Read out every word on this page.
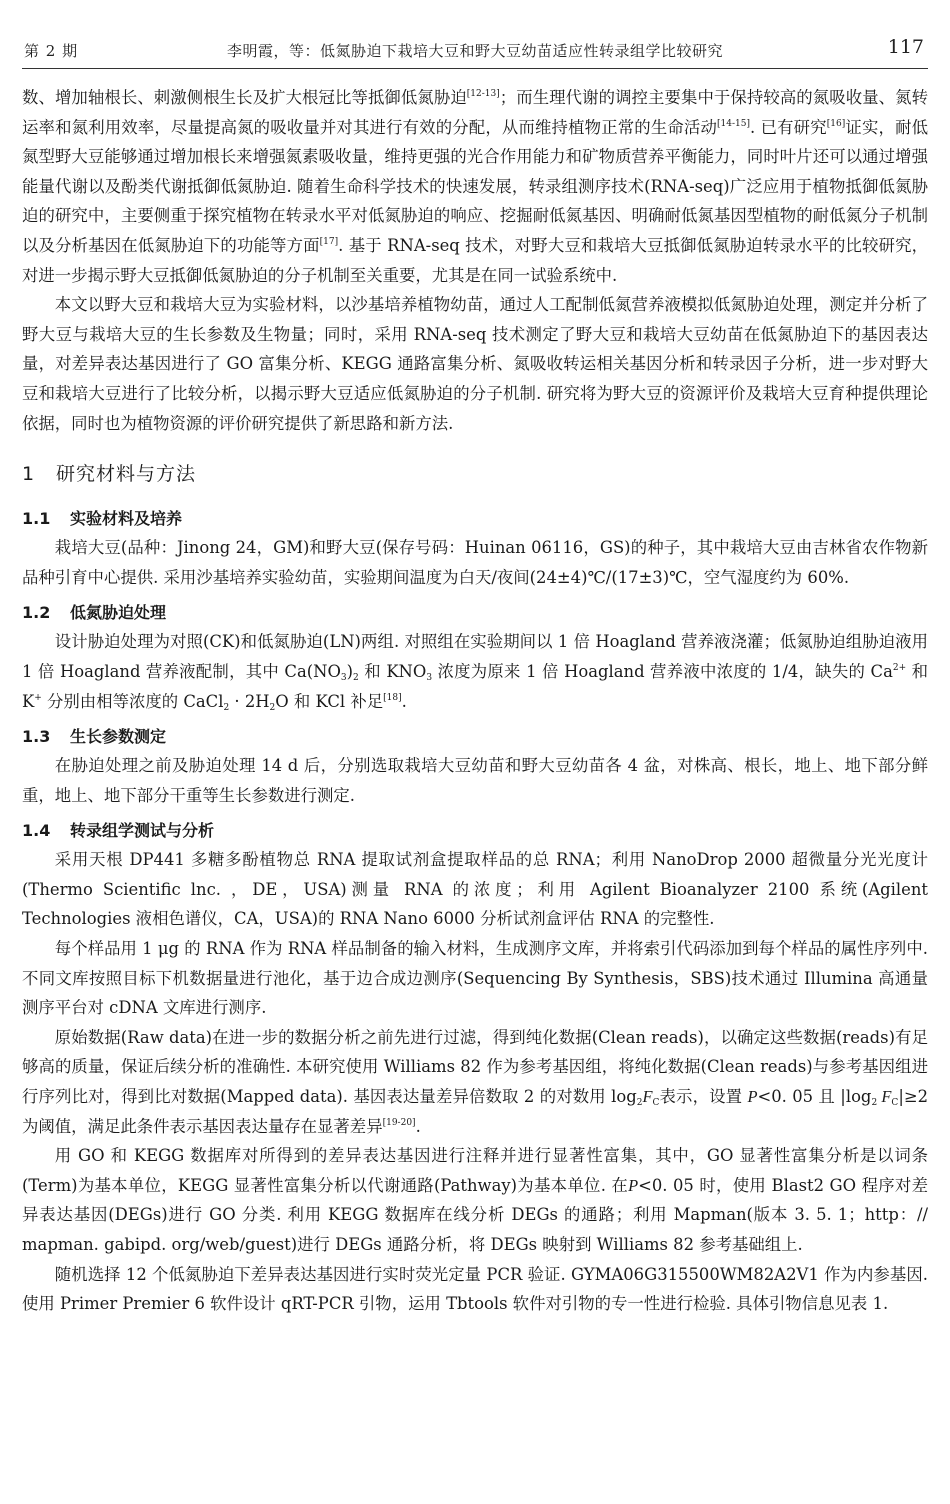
第 2 期	李明霞，等：低氮胁迫下栽培大豆和野大豆幼苗适应性转录组学比较研究	117

数、增加轴根长、刺激侧根生长及扩大根冠比等抵御低氮胁迫[12-13]；而生理代谢的调控主要集中于保持较高的氮吸收量、氮转运率和氮利用效率，尽量提高氮的吸收量并对其进行有效的分配，从而维持植物正常的生命活动[14-15]. 已有研究[16]证实，耐低氮型野大豆能够通过增加根长来增强氮素吸收量，维持更强的光合作用能力和矿物质营养平衡能力，同时叶片还可以通过增强能量代谢以及酚类代谢抵御低氮胁迫. 随着生命科学技术的快速发展，转录组测序技术(RNA-seq)广泛应用于植物抵御低氮胁迫的研究中，主要侧重于探究植物在转录水平对低氮胁迫的响应、挖掘耐低氮基因、明确耐低氮基因型植物的耐低氮分子机制以及分析基因在低氮胁迫下的功能等方面[17]. 基于 RNA-seq 技术，对野大豆和栽培大豆抵御低氮胁迫转录水平的比较研究，对进一步揭示野大豆抵御低氮胁迫的分子机制至关重要，尤其是在同一试验系统中.

本文以野大豆和栽培大豆为实验材料，以沙基培养植物幼苗，通过人工配制低氮营养液模拟低氮胁迫处理，测定并分析了野大豆与栽培大豆的生长参数及生物量；同时，采用 RNA-seq 技术测定了野大豆和栽培大豆幼苗在低氮胁迫下的基因表达量，对差异表达基因进行了 GO 富集分析、KEGG 通路富集分析、氮吸收转运相关基因分析和转录因子分析，进一步对野大豆和栽培大豆进行了比较分析，以揭示野大豆适应低氮胁迫的分子机制. 研究将为野大豆的资源评价及栽培大豆育种提供理论依据，同时也为植物资源的评价研究提供了新思路和新方法.

1 研究材料与方法
1.1 实验材料及培养

栽培大豆(品种：Jinong 24，GM)和野大豆(保存号码：Huinan 06116，GS)的种子，其中栽培大豆由吉林省农作物新品种引育中心提供. 采用沙基培养实验幼苗，实验期间温度为白天/夜间(24±4)℃/(17±3)℃，空气湿度约为 60%.

1.2 低氮胁迫处理

设计胁迫处理为对照(CK)和低氮胁迫(LN)两组. 对照组在实验期间以 1 倍 Hoagland 营养液浇灌；低氮胁迫组胁迫液用 1 倍 Hoagland 营养液配制，其中 $Ca(NO_3)_2$ 和 $KNO_3$ 浓度为原来 1 倍 Hoagland 营养液中浓度的 1/4，缺失的 $Ca^{2+}$ 和 K+ 分别由相等浓度的 CaCl$_2$ · $2H_2O$ 和 KCl 补足[18].

1.3 生长参数测定

在胁迫处理之前及胁迫处理 14 d 后，分别选取栽培大豆幼苗和野大豆幼苗各 4 盆，对株高、根长，地上、地下部分鲜重，地上、地下部分干重等生长参数进行测定.

1.4 转录组学测试与分析

采用天根 DP441 多糖多酚植物总 RNA 提取试剂盒提取样品的总 RNA；利用 NanoDrop 2000 超微量分光光度计(Thermo Scientific lnc. ，DE，USA)测量 RNA 的浓度；利用 Agilent Bioanalyzer 2100 系统(Agilent Technologies 液相色谱仪，CA，USA)的 RNA Nano 6000 分析试剂盒评估 RNA 的完整性.

每个样品用 1 μg 的 RNA 作为 RNA 样品制备的输入材料，生成测序文库，并将索引代码添加到每个样品的属性序列中. 不同文库按照目标下机数据量进行池化，基于边合成边测序(Sequencing By Synthesis，SBS)技术通过 Illumina 高通量测序平台对 cDNA 文库进行测序.

原始数据(Raw data)在进一步的数据分析之前先进行过滤，得到纯化数据(Clean reads)，以确定这些数据(reads)有足够高的质量，保证后续分析的准确性. 本研究使用 Williams 82 作为参考基因组，将纯化数据(Clean reads)与参考基因组进行序列比对，得到比对数据(Mapped data). 基因表达量差异倍数取 2 的对数用 $\log_2F_C$表示，设置 P<0. 05 且 $|\log_2$ $F_C|\ge 2$ 为阈值，满足此条件表示基因表达量存在显著差异[19-20].

用 GO 和 KEGG 数据库对所得到的差异表达基因进行注释并进行显著性富集，其中，GO 显著性富集分析是以词条(Term)为基本单位，KEGG 显著性富集分析以代谢通路(Pathway)为基本单位. 在P<0. 05 时，使用 Blast2 GO 程序对差异表达基因(DEGs)进行 GO 分类. 利用 KEGG 数据库在线分析 DEGs 的通路；利用 Mapman(版本 3. 5. 1；http：// mapman. gabipd. org/web/guest)进行 DEGs 通路分析，将 DEGs 映射到 Williams 82 参考基础组上.

随机选择 12 个低氮胁迫下差异表达基因进行实时荧光定量 PCR 验证. GYMA06G315500WM82A2V1 作为内参基因. 使用 Primer Premier 6 软件设计 qRT-PCR 引物，运用 Tbtools 软件对引物的专一性进行检验. 具体引物信息见表 1.
